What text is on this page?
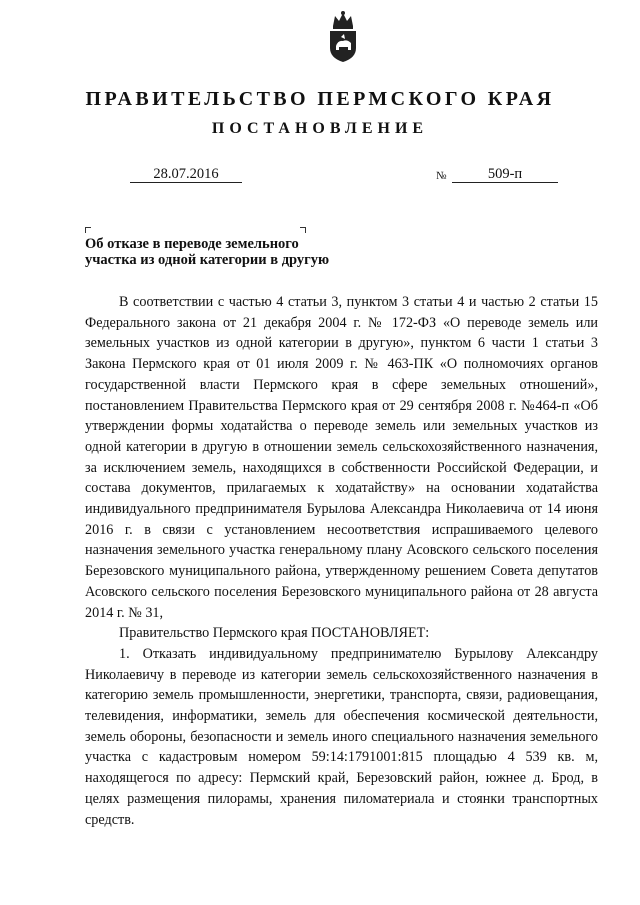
ПРАВИТЕЛЬСТВО ПЕРМСКОГО КРАЯ
ПОСТАНОВЛЕНИЕ
28.07.2016	№	509-п
Об отказе в переводе земельного
участка из одной категории в другую

В соответствии с частью 4 статьи 3, пунктом 3 статьи 4 и частью 2 статьи 15 Федерального закона от 21 декабря 2004 г. № 172-ФЗ «О переводе земель или земельных участков из одной категории в другую», пунктом 6 части 1 статьи 3 Закона Пермского края от 01 июля 2009 г. № 463-ПК «О полномочиях органов государственной власти Пермского края в сфере земельных отношений», постановлением Правительства Пермского края от 29 сентября 2008 г. №464-п «Об утверждении формы ходатайства о переводе земель или земельных участков из одной категории в другую в отношении земель сельскохозяйственного назначения, за исключением земель, находящихся в собственности Российской Федерации, и состава документов, прилагаемых к ходатайству» на основании ходатайства индивидуального предпринимателя Бурылова Александра Николаевича от 14 июня 2016 г. в связи с установлением несоответствия испрашиваемого целевого назначения земельного участка генеральному плану Асовского сельского поселения Березовского муниципального района, утвержденному решением Совета депутатов Асовского сельского поселения Березовского муниципального района от 28 августа 2014 г. № 31,

Правительство Пермского края ПОСТАНОВЛЯЕТ:

1. Отказать индивидуальному предпринимателю Бурылову Александру Николаевичу в переводе из категории земель сельскохозяйственного назначения в категорию земель промышленности, энергетики, транспорта, связи, радиовещания, телевидения, информатики, земель для обеспечения космической деятельности, земель обороны, безопасности и земель иного специального назначения земельного участка с кадастровым номером 59:14:1791001:815 площадью 4 539 кв. м, находящегося по адресу: Пермский край, Березовский район, южнее д. Брод, в целях размещения пилорамы, хранения пиломатериала и стоянки транспортных средств.
